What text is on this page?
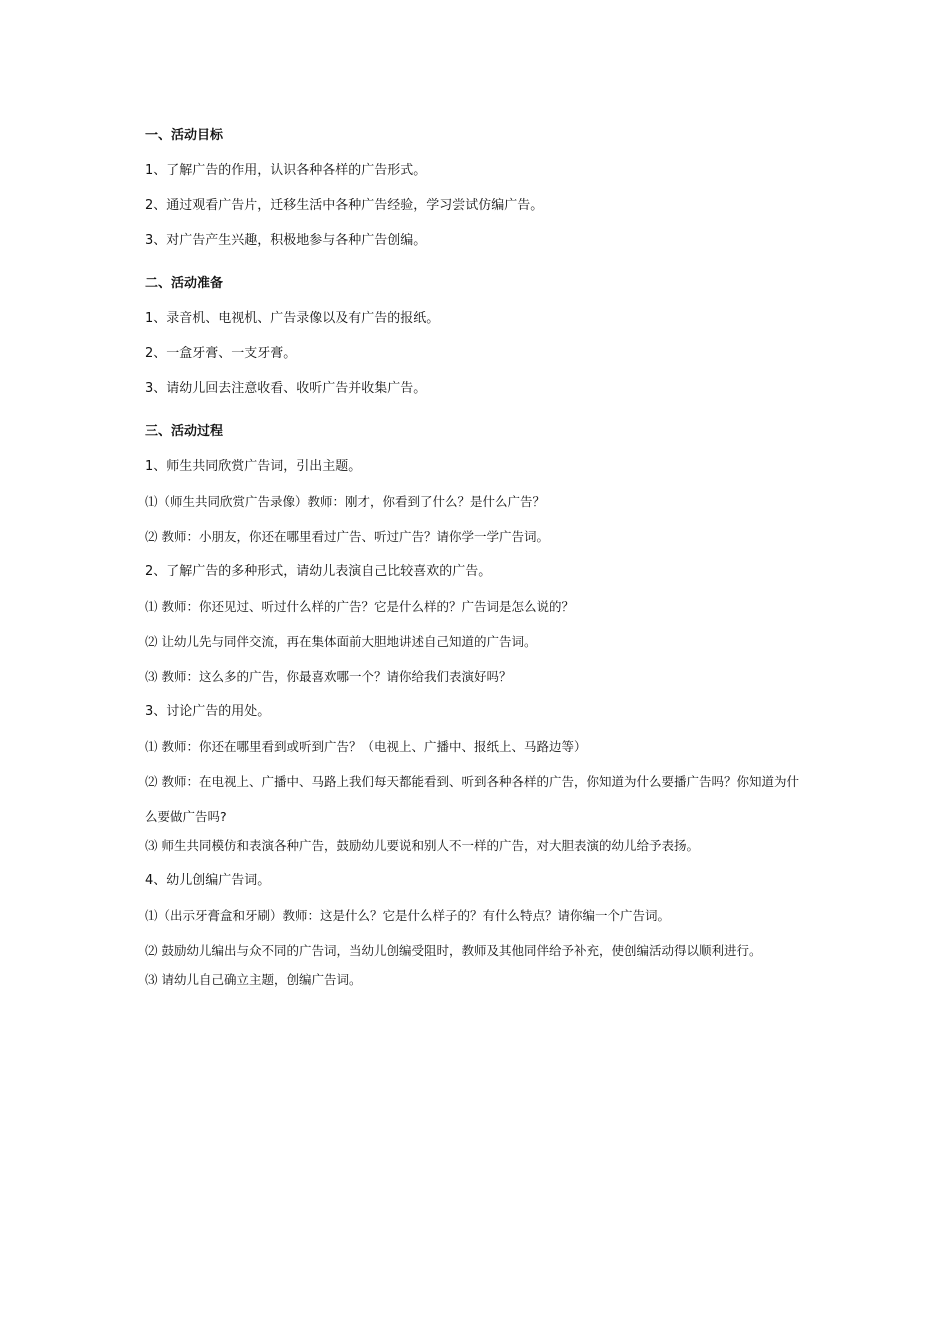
一、活动目标
1、了解广告的作用，认识各种各样的广告形式。
2、通过观看广告片，迁移生活中各种广告经验，学习尝试仿编广告。
3、对广告产生兴趣，积极地参与各种广告创编。
二、活动准备
1、录音机、电视机、广告录像以及有广告的报纸。
2、一盒牙膏、一支牙膏。
3、请幼儿回去注意收看、收听广告并收集广告。
三、活动过程
1、师生共同欣赏广告词，引出主题。
⑴（师生共同欣赏广告录像）教师：刚才，你看到了什么？是什么广告？
⑵ 教师：小朋友，你还在哪里看过广告、听过广告？请你学一学广告词。
2、了解广告的多种形式，请幼儿表演自己比较喜欢的广告。
⑴ 教师：你还见过、听过什么样的广告？它是什么样的？广告词是怎么说的？
⑵ 让幼儿先与同伴交流，再在集体面前大胆地讲述自己知道的广告词。
⑶ 教师：这么多的广告，你最喜欢哪一个？请你给我们表演好吗？
3、讨论广告的用处。
⑴ 教师：你还在哪里看到或听到广告？（电视上、广播中、报纸上、马路边等）
⑵ 教师：在电视上、广播中、马路上我们每天都能看到、听到各种各样的广告，你知道为什么要播广告吗？你知道为什么要做广告吗?
⑶ 师生共同模仿和表演各种广告，鼓励幼儿要说和别人不一样的广告，对大胆表演的幼儿给予表扬。
4、幼儿创编广告词。
⑴（出示牙膏盒和牙刷）教师：这是什么？它是什么样子的？有什么特点？请你编一个广告词。
⑵ 鼓励幼儿编出与众不同的广告词，当幼儿创编受阻时，教师及其他同伴给予补充，使创编活动得以顺利进行。
⑶ 请幼儿自己确立主题，创编广告词。
